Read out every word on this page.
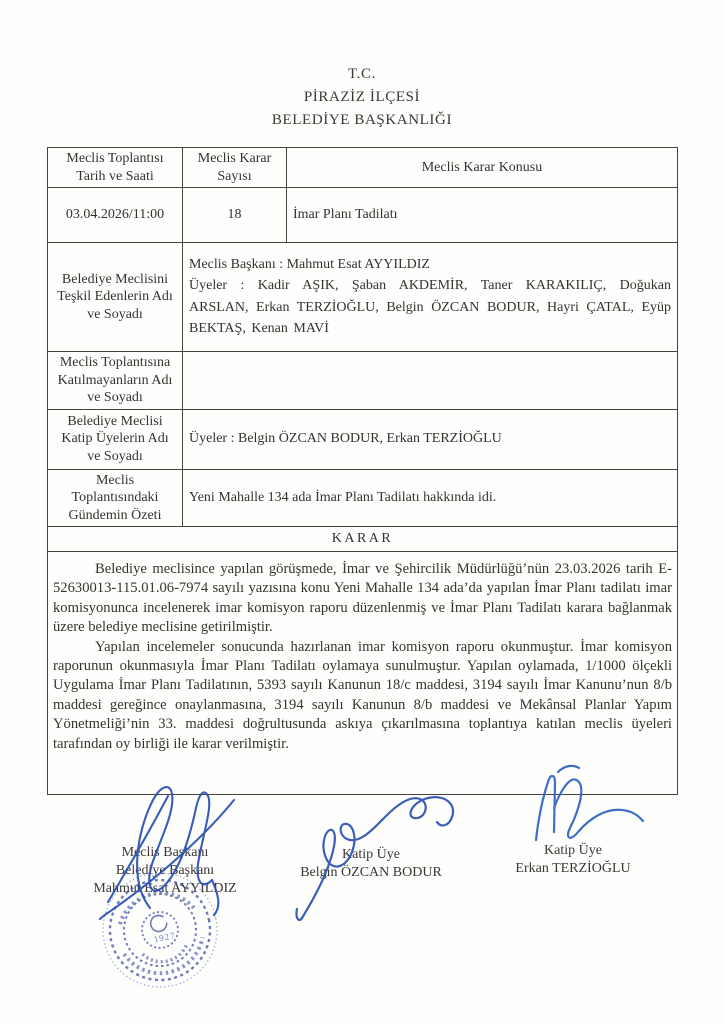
T.C.
PİRAZİZ İLÇESİ
BELEDİYE BAŞKANLIĞI
Meclis Toplantısı Tarih ve Saati	Meclis Karar Sayısı	Meclis Karar Konusu
03.04.2026/11:00	18	İmar Planı Tadilatı
Belediye Meclisini Teşkil Edenlerin Adı ve Soyadı	Meclis Başkanı : Mahmut Esat AYYILDIZ
Üyeler : Kadir AŞIK, Şaban AKDEMİR, Taner KARAKILIÇ, Doğukan ARSLAN, Erkan TERZİOĞLU, Belgin ÖZCAN BODUR, Hayri ÇATAL, Eyüp BEKTAŞ, Kenan MAVİ	

Meclis Toplantısına Katılmayanların Adı ve Soyadı		
Belediye Meclisi Katip Üyelerin Adı ve Soyadı	Üyeler : Belgin ÖZCAN BODUR, Erkan TERZİOĞLU	
Meclis Toplantısındaki Gündemin Özeti	Yeni Mahalle 134 ada İmar Planı Tadilatı hakkında idi.	
KARAR		

Belediye meclisince yapılan görüşmede, İmar ve Şehircilik Müdürlüğü’nün 23.03.2026 tarih E-52630013-115.01.06-7974 sayılı yazısına konu Yeni Mahalle 134 ada’da yapılan İmar Planı tadilatı imar komisyonunca incelenerek imar komisyon raporu düzenlenmiş ve İmar Planı Tadilatı karara bağlanmak üzere belediye meclisine getirilmiştir.

Yapılan incelemeler sonucunda hazırlanan imar komisyon raporu okunmuştur. İmar komisyon raporunun okunmasıyla İmar Planı Tadilatı oylamaya sunulmuştur. Yapılan oylamada, 1/1000 ölçekli Uygulama İmar Planı Tadilatının, 5393 sayılı Kanunun 18/c maddesi, 3194 sayılı İmar Kanunu’nun 8/b maddesi gereğince onaylanmasına, 3194 sayılı Kanunun 8/b maddesi ve Mekânsal Planlar Yapım Yönetmeliği’nin 33. maddesi doğrultusunda askıya çıkarılmasına toplantıya katılan meclis üyeleri tarafından oy birliği ile karar verilmiştir.		

Meclis Başkanı
Belediye Başkanı
Mahmut Esat AYYILDIZ
Katip Üye
Belgin ÖZCAN BODUR
Katip Üye
Erkan TERZİOĞLU
1927
